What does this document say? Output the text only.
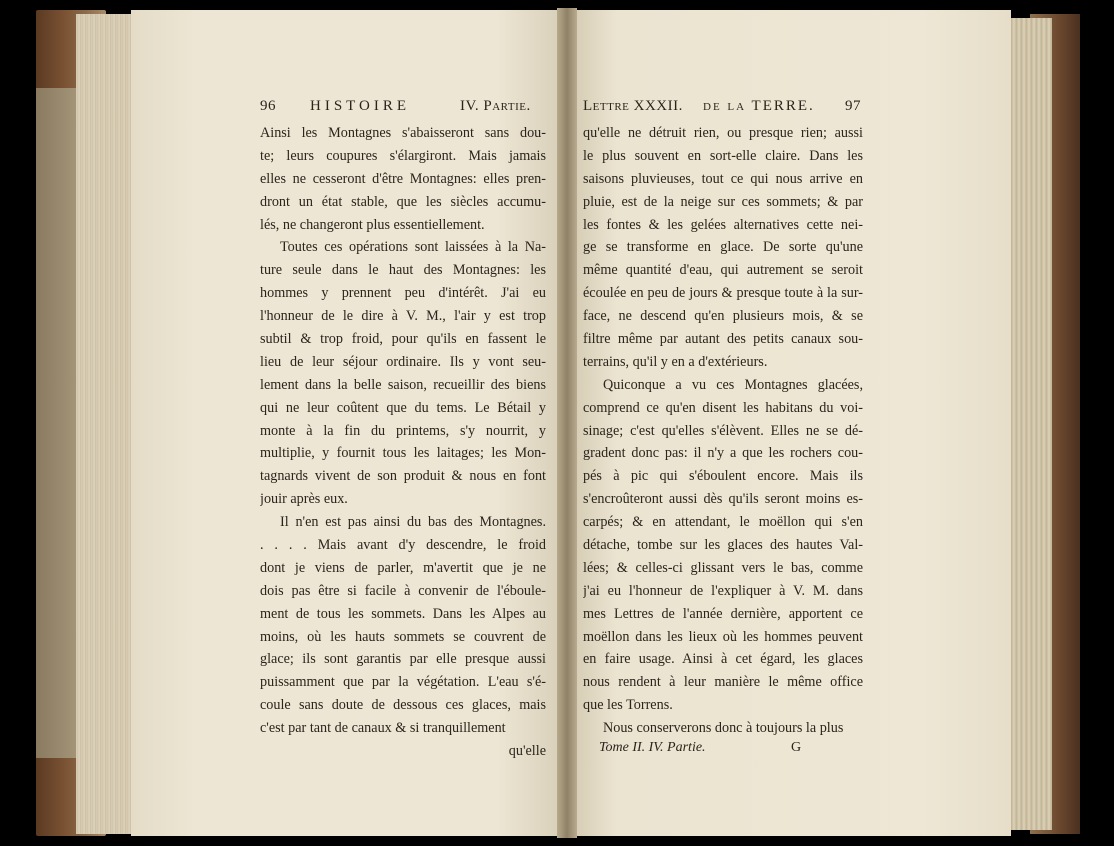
96 HISTOIRE	IV. Partie.
Ainsi les Montagnes s'abaisseront sans dou-
te; leurs coupures s'élargiront. Mais jamais
elles ne cesseront d'être Montagnes: elles pren-
dront un état stable, que les siècles accumu-
lés, ne changeront plus essentiellement.
Toutes ces opérations sont laissées à la Na-
ture seule dans le haut des Montagnes: les
hommes y prennent peu d'intérêt. J'ai eu
l'honneur de le dire à V. M., l'air y est trop
subtil & trop froid, pour qu'ils en fassent le
lieu de leur séjour ordinaire. Ils y vont seu-
lement dans la belle saison, recueillir des biens
qui ne leur coûtent que du tems. Le Bétail y
monte à la fin du printems, s'y nourrit, y
multiplie, y fournit tous les laitages; les Mon-
tagnards vivent de son produit & nous en font
jouir après eux.
Il n'en est pas ainsi du bas des Montagnes.
. . . . Mais avant d'y descendre, le froid
dont je viens de parler, m'avertit que je ne
dois pas être si facile à convenir de l'éboule-
ment de tous les sommets. Dans les Alpes au
moins, où les hauts sommets se couvrent de
glace; ils sont garantis par elle presque aussi
puissamment que par la végétation. L'eau s'é-
coule sans doute de dessous ces glaces, mais
c'est par tant de canaux & si tranquillement
qu'elle
Lettre XXXII. de la TERRE. 97
qu'elle ne détruit rien, ou presque rien; aussi
le plus souvent en sort-elle claire. Dans les
saisons pluvieuses, tout ce qui nous arrive en
pluie, est de la neige sur ces sommets; & par
les fontes & les gelées alternatives cette nei-
ge se transforme en glace. De sorte qu'une
même quantité d'eau, qui autrement se seroit
écoulée en peu de jours & presque toute à la sur-
face, ne descend qu'en plusieurs mois, & se
filtre même par autant des petits canaux sou-
terrains, qu'il y en a d'extérieurs.
Quiconque a vu ces Montagnes glacées,
comprend ce qu'en disent les habitans du voi-
sinage; c'est qu'elles s'élèvent. Elles ne se dé-
gradent donc pas: il n'y a que les rochers cou-
pés à pic qui s'éboulent encore. Mais ils
s'encroûteront aussi dès qu'ils seront moins es-
carpés; & en attendant, le moëllon qui s'en
détache, tombe sur les glaces des hautes Val-
lées; & celles-ci glissant vers le bas, comme
j'ai eu l'honneur de l'expliquer à V. M. dans
mes Lettres de l'année dernière, apportent ce
moëllon dans les lieux où les hommes peuvent
en faire usage. Ainsi à cet égard, les glaces
nous rendent à leur manière le même office
que les Torrens.
Nous conserverons donc à toujours la plus
Tome II. IV. Partie.	G
